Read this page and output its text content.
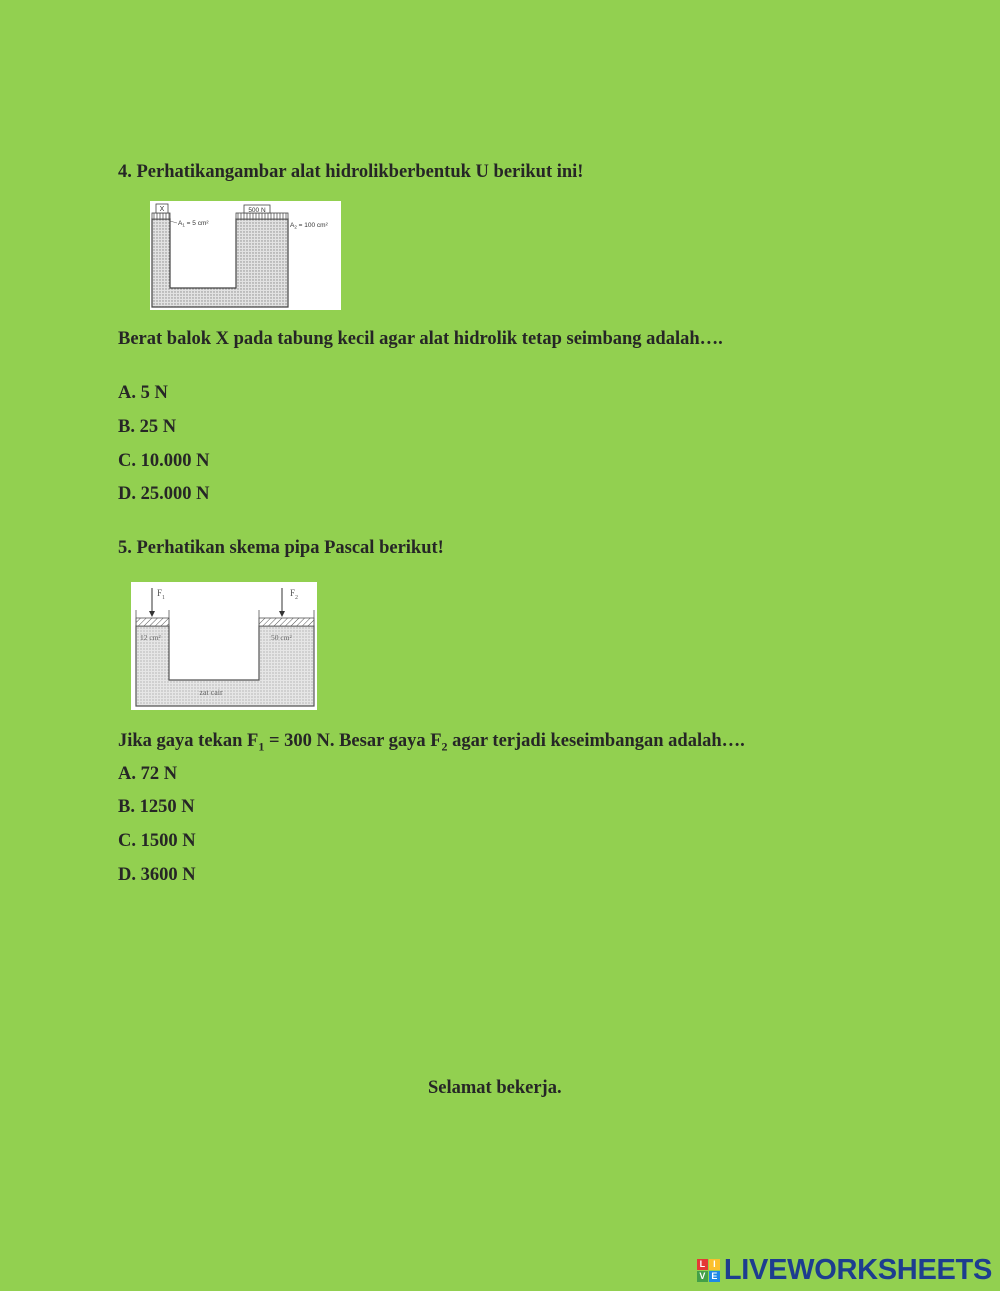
4. Perhatikangambar alat hidrolikberbentuk U berikut ini!
X	500 N
$A_1 = 5$ cm²	$A_2 = 100$ cm²
Berat balok X pada tabung kecil agar alat hidrolik tetap seimbang adalah….
A. 5 N
B. 25 N
C. 10.000 N
D. 25.000 N
5. Perhatikan skema pipa Pascal berikut!
$F_1$	$F_2$
12 cm²	50 cm²
zat cair
Jika gaya tekan $F_1 = 300$ N. Besar gaya $F_2$ agar terjadi keseimbangan adalah….
A. 72 N
B. 1250 N
C. 1500 N
D. 3600 N
Selamat bekerja.
L I
V E LIVEWORKSHEETS
